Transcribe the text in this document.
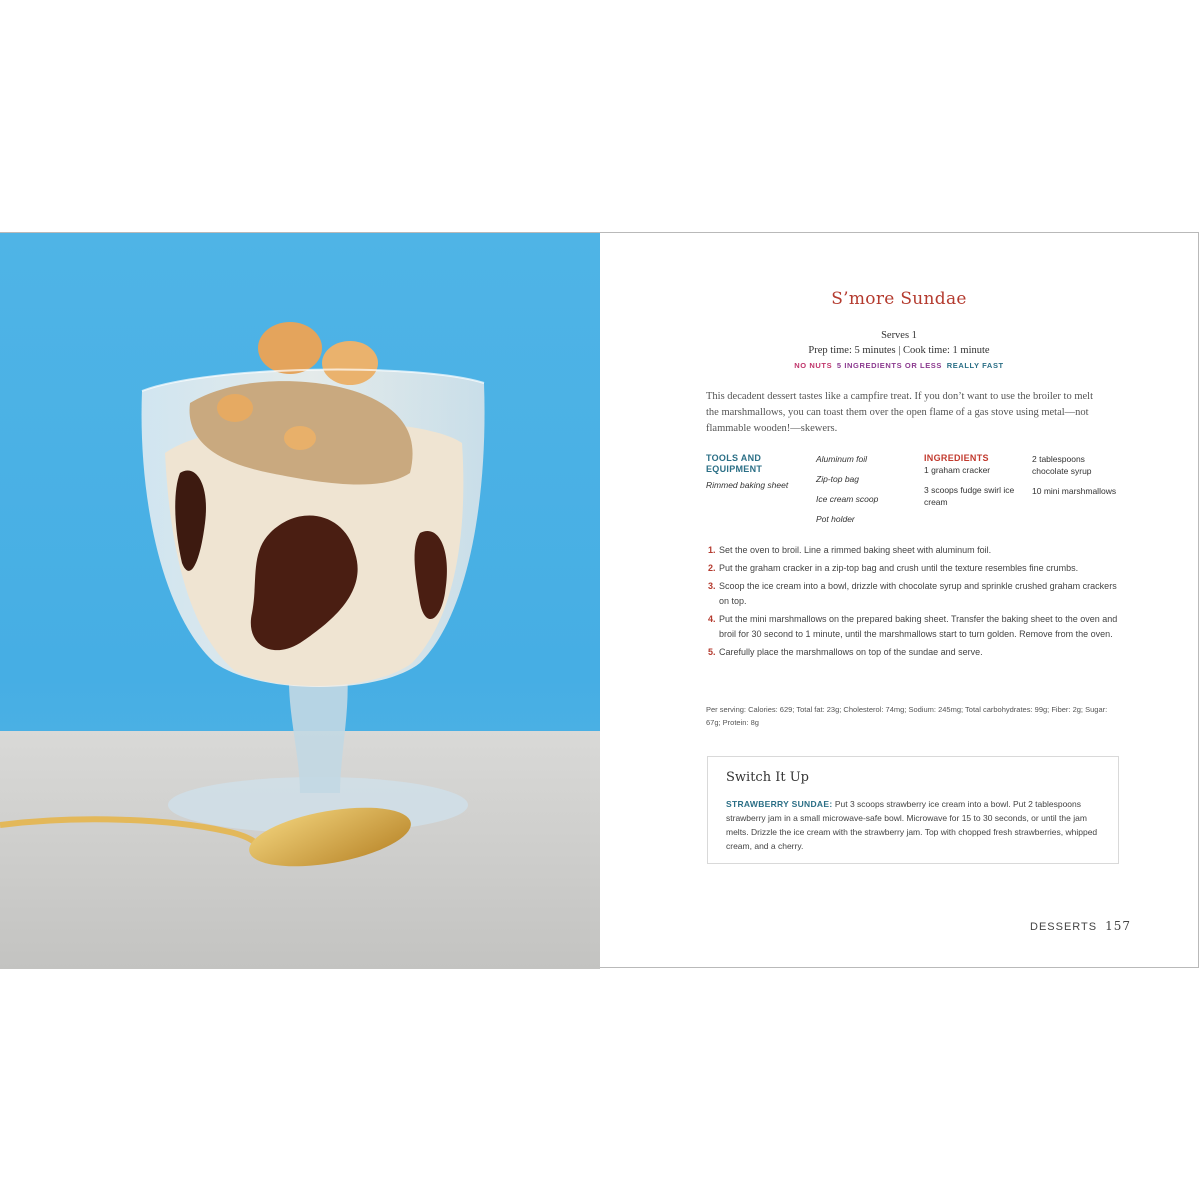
S’more Sundae
Serves 1
Prep time: 5 minutes | Cook time: 1 minute
NO NUTS 5 INGREDIENTS OR LESS REALLY FAST
This decadent dessert tastes like a campfire treat. If you don’t want to use the broiler to melt the marshmallows, you can toast them over the open flame of a gas stove using metal—not flammable wooden!—skewers.
TOOLS AND
EQUIPMENT
Rimmed baking sheet
Aluminum foil
Zip-top bag
Ice cream scoop
Pot holder
INGREDIENTS
1 graham cracker
3 scoops fudge swirl ice cream
2 tablespoons chocolate syrup
10 mini marshmallows
1. Set the oven to broil. Line a rimmed baking sheet with aluminum foil.
2. Put the graham cracker in a zip-top bag and crush until the texture resembles fine crumbs.
3. Scoop the ice cream into a bowl, drizzle with chocolate syrup and sprinkle crushed graham crackers on top.
4. Put the mini marshmallows on the prepared baking sheet. Transfer the baking sheet to the oven and broil for 30 second to 1 minute, until the marshmallows start to turn golden. Remove from the oven.
5. Carefully place the marshmallows on top of the sundae and serve.
Per serving: Calories: 629; Total fat: 23g; Cholesterol: 74mg; Sodium: 245mg; Total carbohydrates: 99g; Fiber: 2g; Sugar: 67g; Protein: 8g
Switch It Up
STRAWBERRY SUNDAE: Put 3 scoops strawberry ice cream into a bowl. Put 2 tablespoons strawberry jam in a small microwave-safe bowl. Microwave for 15 to 30 seconds, or until the jam melts. Drizzle the ice cream with the strawberry jam. Top with chopped fresh strawberries, whipped cream, and a cherry.
DESSERTS 157
